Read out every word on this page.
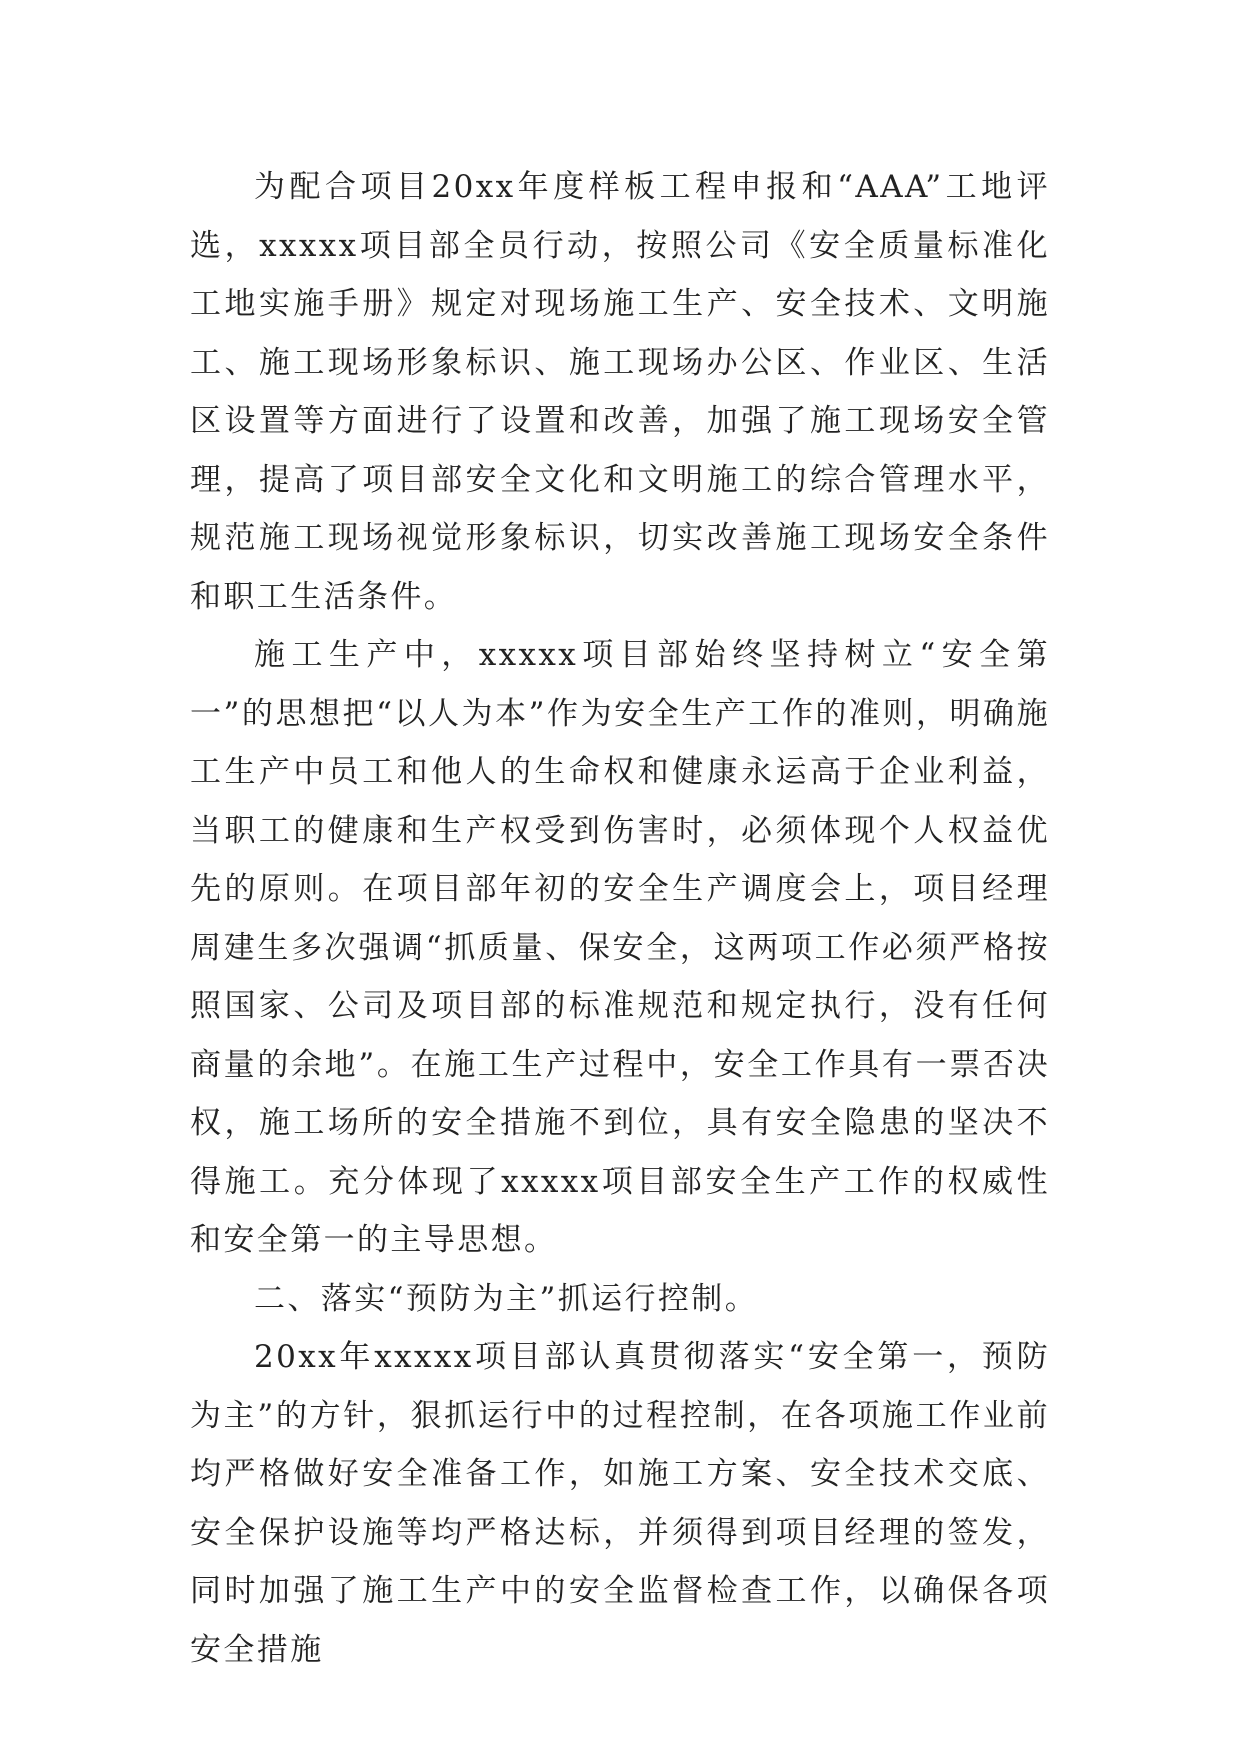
为配合项目20xx年度样板工程申报和“AAA”工地评选，xxxxx项目部全员行动，按照公司《安全质量标准化工地实施手册》规定对现场施工生产、安全技术、文明施工、施工现场形象标识、施工现场办公区、作业区、生活区设置等方面进行了设置和改善，加强了施工现场安全管理，提高了项目部安全文化和文明施工的综合管理水平，规范施工现场视觉形象标识，切实改善施工现场安全条件和职工生活条件。

施工生产中，xxxxx项目部始终坚持树立“安全第一”的思想把“以人为本”作为安全生产工作的准则，明确施工生产中员工和他人的生命权和健康永运高于企业利益，当职工的健康和生产权受到伤害时，必须体现个人权益优先的原则。在项目部年初的安全生产调度会上，项目经理周建生多次强调“抓质量、保安全，这两项工作必须严格按照国家、公司及项目部的标准规范和规定执行，没有任何商量的余地”。在施工生产过程中，安全工作具有一票否决权，施工场所的安全措施不到位，具有安全隐患的坚决不得施工。充分体现了xxxxx项目部安全生产工作的权威性和安全第一的主导思想。

二、落实“预防为主”抓运行控制。

20xx年xxxxx项目部认真贯彻落实“安全第一，预防为主”的方针，狠抓运行中的过程控制，在各项施工作业前均严格做好安全准备工作，如施工方案、安全技术交底、安全保护设施等均严格达标，并须得到项目经理的签发，同时加强了施工生产中的安全监督检查工作，以确保各项安全措施
